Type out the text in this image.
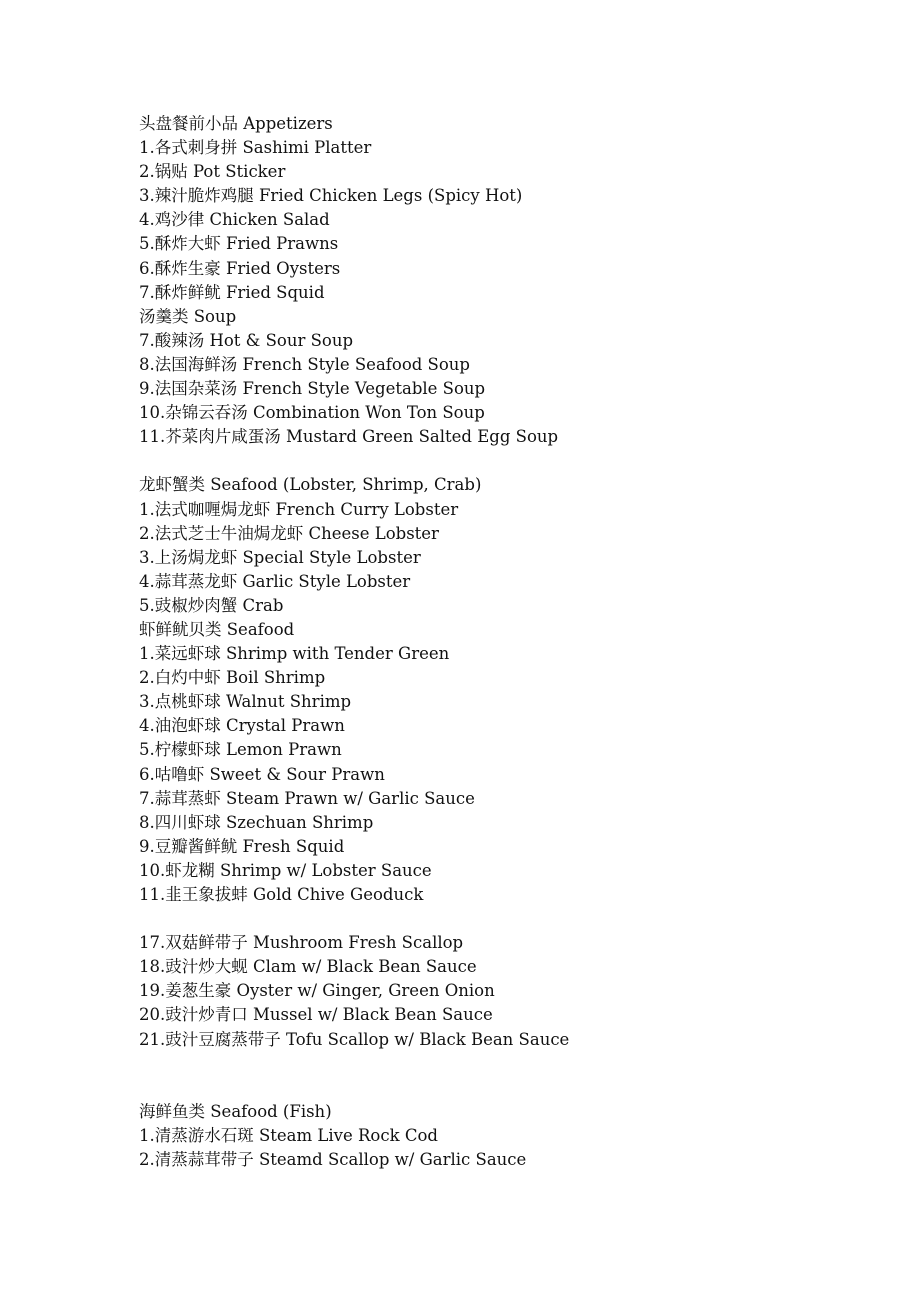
头盘餐前小品 Appetizers
1.各式刺身拼 Sashimi Platter
2.锅贴 Pot Sticker
3.辣汁脆炸鸡腿 Fried Chicken Legs (Spicy Hot)
4.鸡沙律 Chicken Salad
5.酥炸大虾 Fried Prawns
6.酥炸生豪 Fried Oysters
7.酥炸鲜鱿 Fried Squid
汤羹类 Soup
7.酸辣汤 Hot & Sour Soup
8.法国海鲜汤 French Style Seafood Soup
9.法国杂菜汤 French Style Vegetable Soup
10.杂锦云吞汤 Combination Won Ton Soup
11.芥菜肉片咸蛋汤 Mustard Green Salted Egg Soup
龙虾蟹类 Seafood (Lobster, Shrimp, Crab)
1.法式咖喱焗龙虾 French Curry Lobster
2.法式芝士牛油焗龙虾 Cheese Lobster
3.上汤焗龙虾 Special Style Lobster
4.蒜茸蒸龙虾 Garlic Style Lobster
5.豉椒炒肉蟹 Crab
虾鲜鱿贝类 Seafood
1.菜远虾球 Shrimp with Tender Green
2.白灼中虾 Boil Shrimp
3.点桃虾球 Walnut Shrimp
4.油泡虾球 Crystal Prawn
5.柠檬虾球 Lemon Prawn
6.咕噜虾 Sweet & Sour Prawn
7.蒜茸蒸虾 Steam Prawn w/ Garlic Sauce
8.四川虾球 Szechuan Shrimp
9.豆瓣酱鲜鱿 Fresh Squid
10.虾龙糊 Shrimp w/ Lobster Sauce
11.韭王象拔蚌 Gold Chive Geoduck
17.双菇鲜带子 Mushroom Fresh Scallop
18.豉汁炒大蚬 Clam w/ Black Bean Sauce
19.姜葱生豪 Oyster w/ Ginger, Green Onion
20.豉汁炒青口 Mussel w/ Black Bean Sauce
21.豉汁豆腐蒸带子 Tofu Scallop w/ Black Bean Sauce
海鲜鱼类 Seafood (Fish)
1.清蒸游水石斑 Steam Live Rock Cod
2.清蒸蒜茸带子 Steamd Scallop w/ Garlic Sauce
